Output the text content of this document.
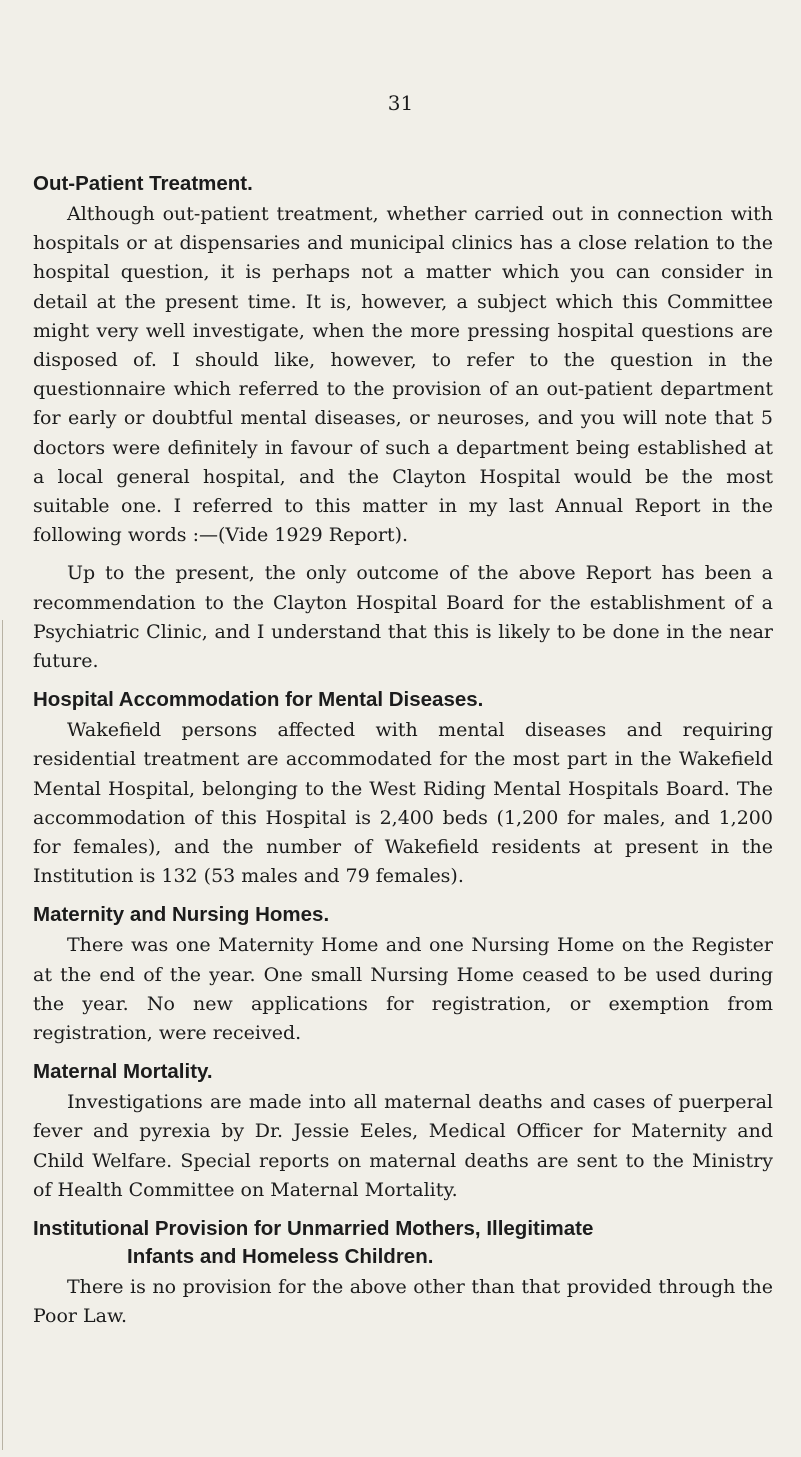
31
Out-Patient Treatment.

Although out-patient treatment, whether carried out in connection with hospitals or at dispensaries and municipal clinics has a close relation to the hospital question, it is perhaps not a matter which you can consider in detail at the present time. It is, however, a subject which this Committee might very well investigate, when the more pressing hospital questions are disposed of. I should like, however, to refer to the question in the questionnaire which referred to the provision of an out-patient department for early or doubtful mental diseases, or neuroses, and you will note that 5 doctors were definitely in favour of such a department being established at a local general hospital, and the Clayton Hospital would be the most suitable one. I referred to this matter in my last Annual Report in the following words :—(Vide 1929 Report).

Up to the present, the only outcome of the above Report has been a recommendation to the Clayton Hospital Board for the establishment of a Psychiatric Clinic, and I understand that this is likely to be done in the near future.

Hospital Accommodation for Mental Diseases.

Wakefield persons affected with mental diseases and requiring residential treatment are accommodated for the most part in the Wakefield Mental Hospital, belonging to the West Riding Mental Hospitals Board. The accommodation of this Hospital is 2,400 beds (1,200 for males, and 1,200 for females), and the number of Wakefield residents at present in the Institution is 132 (53 males and 79 females).

Maternity and Nursing Homes.

There was one Maternity Home and one Nursing Home on the Register at the end of the year. One small Nursing Home ceased to be used during the year. No new applications for registration, or exemption from registration, were received.

Maternal Mortality.

Investigations are made into all maternal deaths and cases of puerperal fever and pyrexia by Dr. Jessie Eeles, Medical Officer for Maternity and Child Welfare. Special reports on maternal deaths are sent to the Ministry of Health Committee on Maternal Mortality.

Institutional Provision for Unmarried Mothers, Illegitimate
Infants and Homeless Children.

There is no provision for the above other than that provided through the Poor Law.
